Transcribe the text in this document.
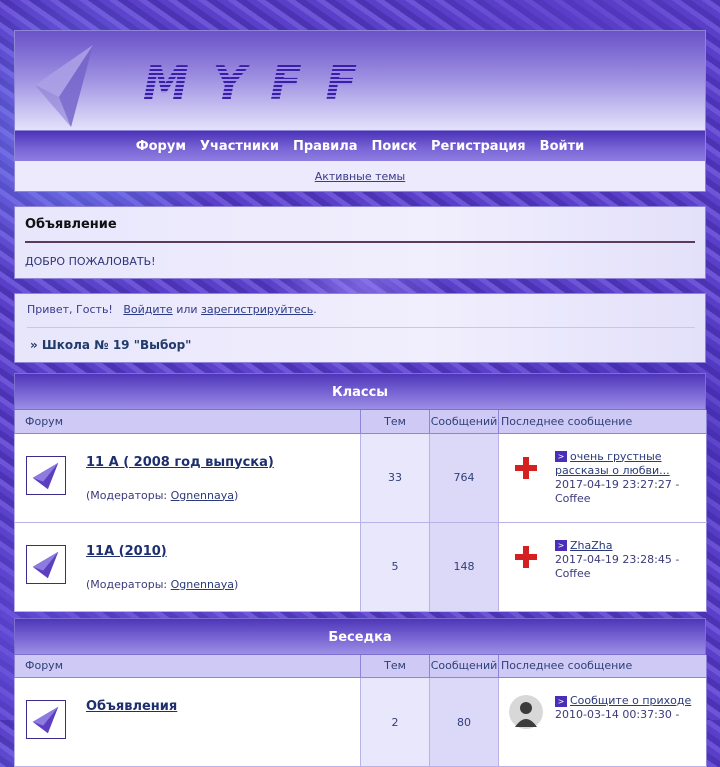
MYFF
Форум Участники Правила Поиск Регистрация Войти
Активные темы
Объявление

ДОБРО ПОЖАЛОВАТЬ!

Привет, Гость! Войдите или зарегистрируйтесь.
» Школа № 19 "Выбор"
Классы
Форум	Тем	Сообщений	Последнее сообщение

11 А ( 2008 год выпуска)
(Модераторы: Ognennaya)	33	764	> очень грустные рассказы о любви...
2017-04-19 23:27:27 -
Coffee

11А (2010)
(Модераторы: Ognennaya)	5	148	> ZhaZha
2017-04-19 23:28:45 -
Coffee
Беседка
Форум	Тем	Сообщений	Последнее сообщение

Объявления	2	80	> Сообщите о приходе
2010-03-14 00:37:30 -
